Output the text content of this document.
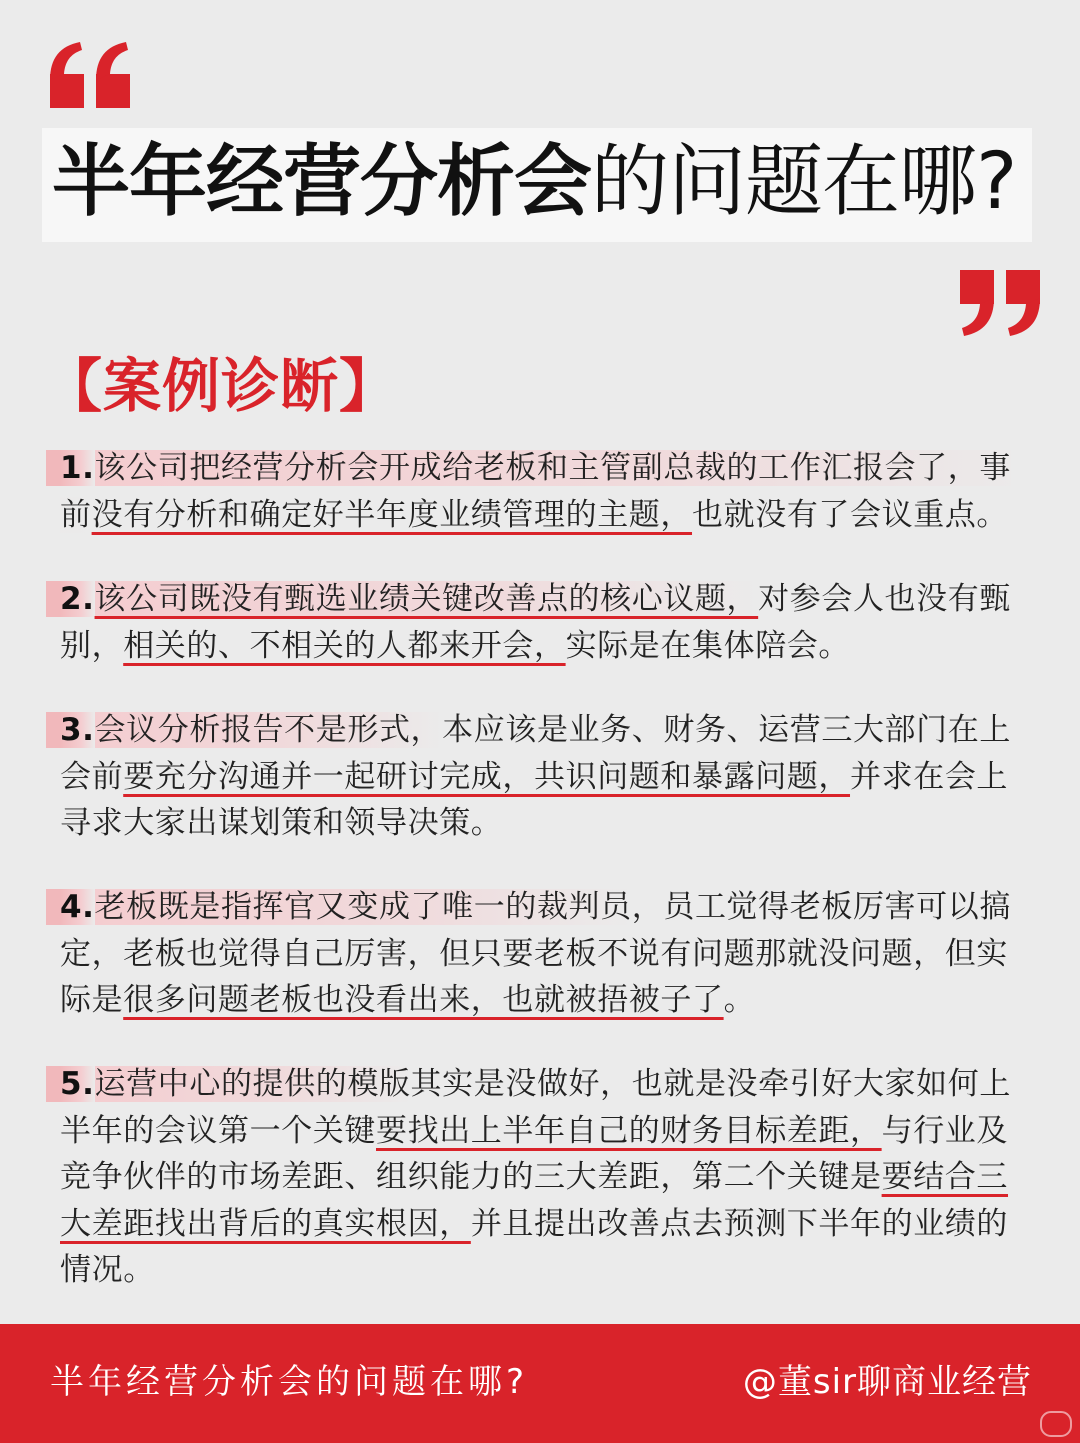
半年经营分析会的问题在哪?
【案例诊断】

1.该公司把经营分析会开成给老板和主管副总裁的工作汇报会了，事前没有分析和确定好半年度业绩管理的主题，也就没有了会议重点。

2.该公司既没有甄选业绩关键改善点的核心议题，对参会人也没有甄别，相关的、不相关的人都来开会，实际是在集体陪会。

3.会议分析报告不是形式，本应该是业务、财务、运营三大部门在上会前要充分沟通并一起研讨完成，共识问题和暴露问题，并求在会上寻求大家出谋划策和领导决策。

4.老板既是指挥官又变成了唯一的裁判员，员工觉得老板厉害可以搞定，老板也觉得自己厉害，但只要老板不说有问题那就没问题，但实际是很多问题老板也没看出来，也就被捂被子了。

5.运营中心的提供的模版其实是没做好，也就是没牵引好大家如何上半年的会议第一个关键要找出上半年自己的财务目标差距，与行业及竞争伙伴的市场差距、组织能力的三大差距，第二个关键是要结合三大差距找出背后的真实根因，并且提出改善点去预测下半年的业绩的情况。

半年经营分析会的问题在哪?	@董sir聊商业经营
